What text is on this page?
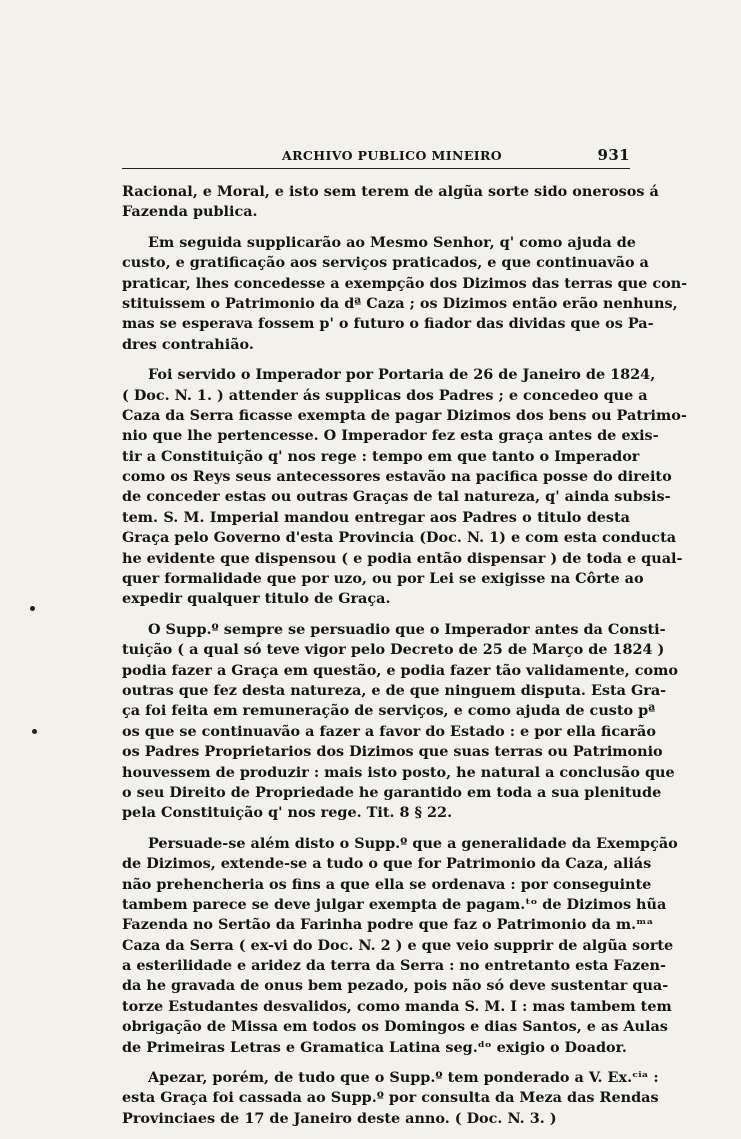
ARCHIVO PUBLICO MINEIRO	931
Racional, e Moral, e isto sem terem de algũa sorte sido onerosos á
Fazenda publica.
Em seguida supplicarão ao Mesmo Senhor, q' como ajuda de
custo, e gratificação aos serviços praticados, e que continuavão a
praticar, lhes concedesse a exempção dos Dizimos das terras que con-
stituissem o Patrimonio da dª Caza ; os Dizimos então erão nenhuns,
mas se esperava fossem p' o futuro o fiador das dividas que os Pa-
dres contrahião.
Foi servido o Imperador por Portaria de 26 de Janeiro de 1824,
( Doc. N. 1. ) attender ás supplicas dos Padres ; e concedeo que a
Caza da Serra ficasse exempta de pagar Dizimos dos bens ou Patrimo-
nio que lhe pertencesse. O Imperador fez esta graça antes de exis-
tir a Constituição q' nos rege : tempo em que tanto o Imperador
como os Reys seus antecessores estavão na pacifica posse do direito
de conceder estas ou outras Graças de tal natureza, q' ainda subsis-
tem. S. M. Imperial mandou entregar aos Padres o titulo desta
Graça pelo Governo d'esta Provincia (Doc. N. 1) e com esta conducta
he evidente que dispensou ( e podia então dispensar ) de toda e qual-
quer formalidade que por uzo, ou por Lei se exigisse na Côrte ao
expedir qualquer titulo de Graça.
O Supp.º sempre se persuadio que o Imperador antes da Consti-
tuição ( a qual só teve vigor pelo Decreto de 25 de Março de 1824 )
podia fazer a Graça em questão, e podia fazer tão validamente, como
outras que fez desta natureza, e de que ninguem disputa. Esta Gra-
ça foi feita em remuneração de serviços, e como ajuda de custo pª
os que se continuavão a fazer a favor do Estado : e por ella ficarão
os Padres Proprietarios dos Dizimos que suas terras ou Patrimonio
houvessem de produzir : mais isto posto, he natural a conclusão que
o seu Direito de Propriedade he garantido em toda a sua plenitude
pela Constituição q' nos rege. Tit. 8 § 22.
Persuade-se além disto o Supp.º que a generalidade da Exempção
de Dizimos, extende-se a tudo o que for Patrimonio da Caza, aliás
não prehencheria os fins a que ella se ordenava : por conseguinte
tambem parece se deve julgar exempta de pagam.ᵗᵒ de Dizimos hũa
Fazenda no Sertão da Farinha podre que faz o Patrimonio da m.ᵐᵃ
Caza da Serra ( ex-vi do Doc. N. 2 ) e que veio supprir de algũa sorte
a esterilidade e aridez da terra da Serra : no entretanto esta Fazen-
da he gravada de onus bem pezado, pois não só deve sustentar qua-
torze Estudantes desvalidos, como manda S. M. I : mas tambem tem
obrigação de Missa em todos os Domingos e dias Santos, e as Aulas
de Primeiras Letras e Gramatica Latina seg.ᵈᵒ exigio o Doador.
Apezar, porém, de tudo que o Supp.º tem ponderado a V. Ex.ᶜⁱᵃ :
esta Graça foi cassada ao Supp.º por consulta da Meza das Rendas
Provinciaes de 17 de Janeiro deste anno. ( Doc. N. 3. )
